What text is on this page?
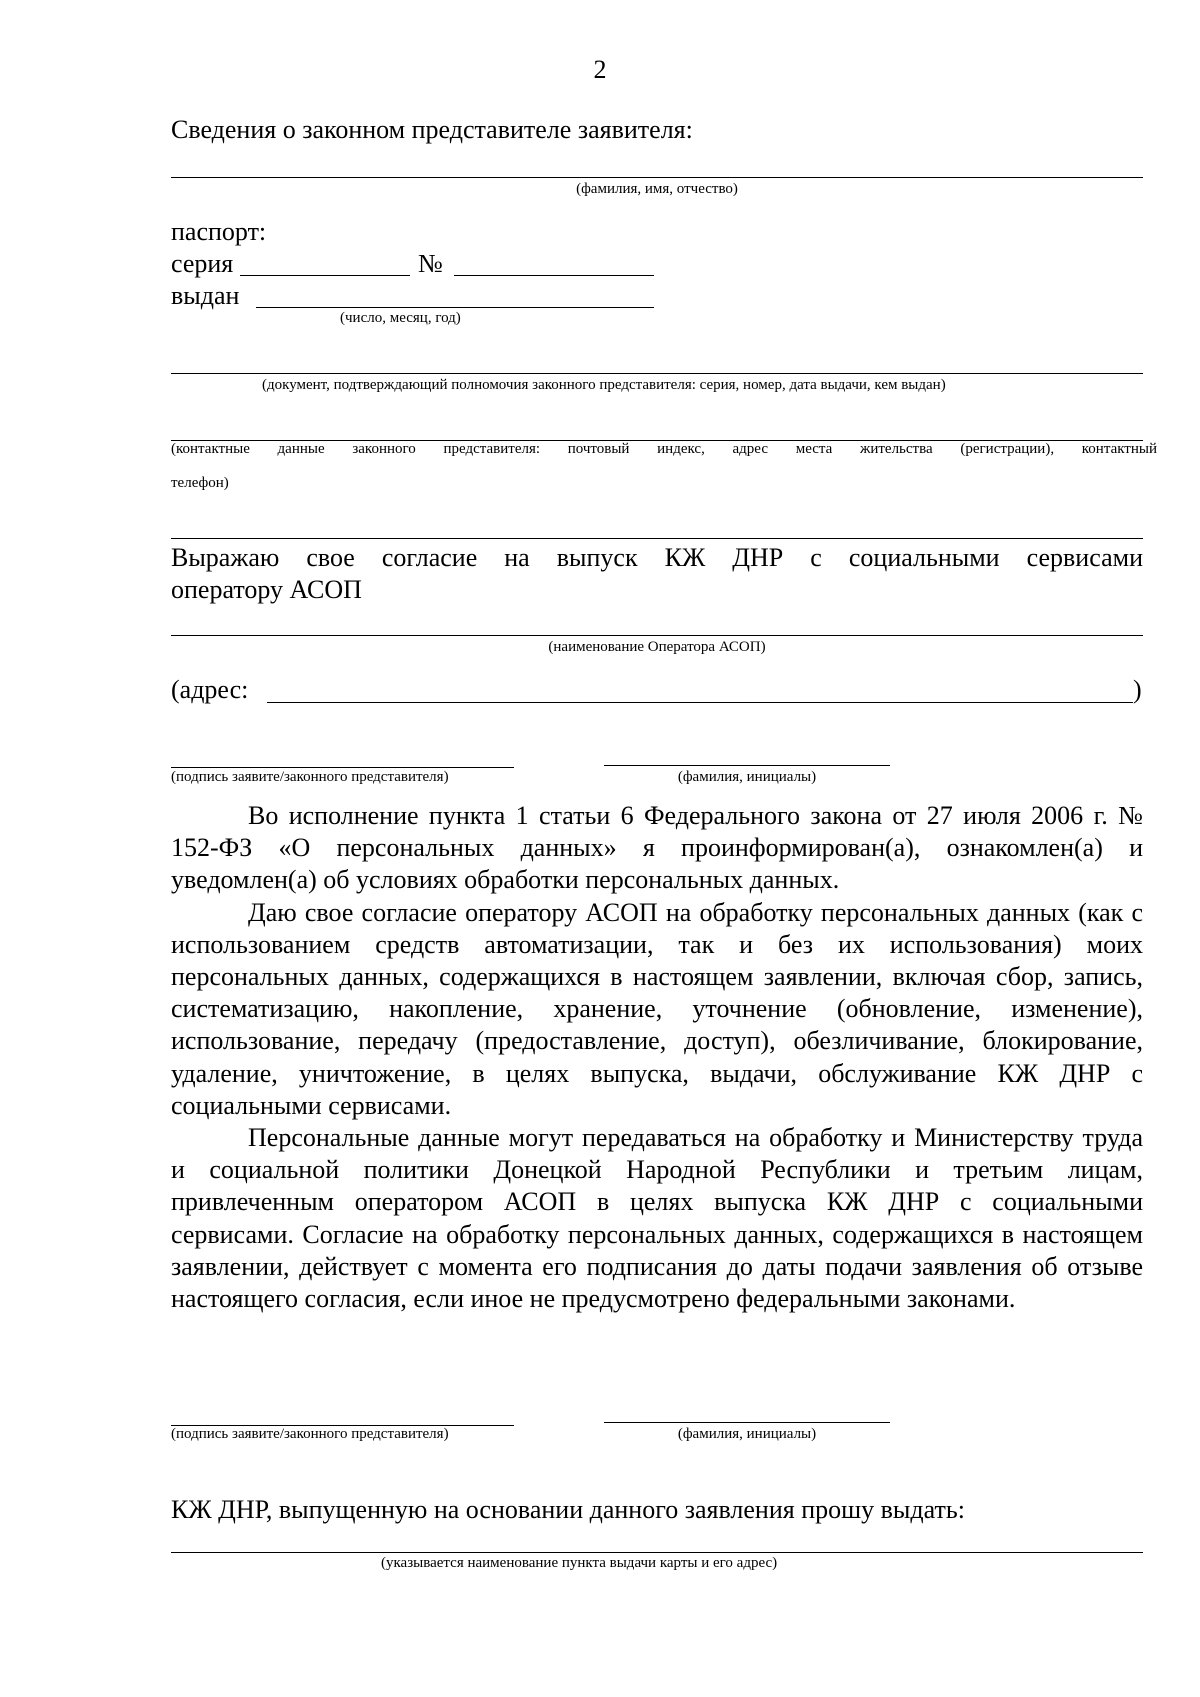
2
Сведения о законном представителе заявителя:
(фамилия, имя, отчество)
паспорт:
серия	№
выдан
(число, месяц, год)
(документ, подтверждающий полномочия законного представителя: серия, номер, дата выдачи, кем выдан)
(контактные данные законного представителя: почтовый индекс, адрес места жительства (регистрации), контактный
телефон)
Выражаю свое согласие на выпуск КЖ ДНР с социальными сервисами
оператору АСОП
(наименование Оператора АСОП)
(адрес:	)
(подпись заявите/законного представителя)	(фамилия, инициалы)

Во исполнение пункта 1 статьи 6 Федерального закона от 27 июля 2006 г. № 152-ФЗ «О персональных данных» я проинформирован(а), ознакомлен(а) и уведомлен(а) об условиях обработки персональных данных.

Даю свое согласие оператору АСОП на обработку персональных данных (как с использованием средств автоматизации, так и без их использования) моих персональных данных, содержащихся в настоящем заявлении, включая сбор, запись, систематизацию, накопление, хранение, уточнение (обновление, изменение), использование, передачу (предоставление, доступ), обезличивание, блокирование, удаление, уничтожение, в целях выпуска, выдачи, обслуживание КЖ ДНР с социальными сервисами.

Персональные данные могут передаваться на обработку и Министерству труда и социальной политики Донецкой Народной Республики и третьим лицам, привлеченным оператором АСОП в целях выпуска КЖ ДНР с социальными сервисами. Согласие на обработку персональных данных, содержащихся в настоящем заявлении, действует с момента его подписания до даты подачи заявления об отзыве настоящего согласия, если иное не предусмотрено федеральными законами.

(подпись заявите/законного представителя)	(фамилия, инициалы)
КЖ ДНР, выпущенную на основании данного заявления прошу выдать:
(указывается наименование пункта выдачи карты и его адрес)
